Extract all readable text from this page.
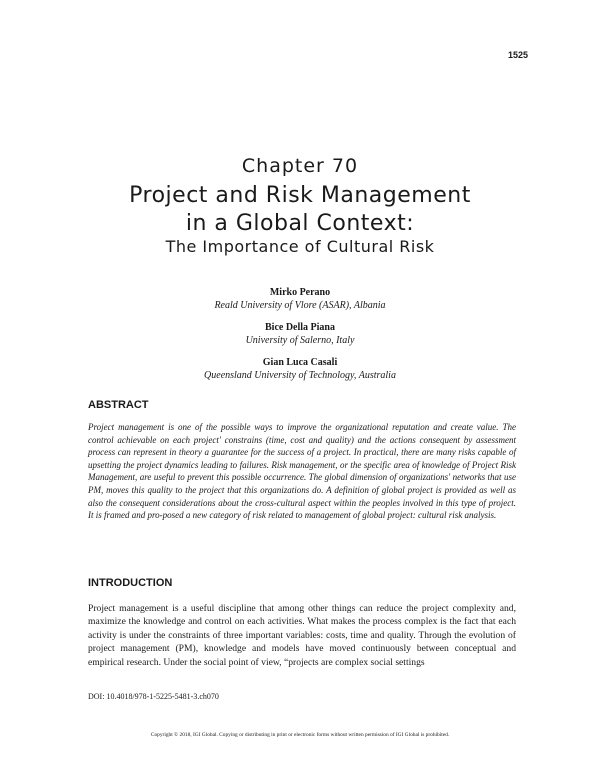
1525
Chapter 70
Project and Risk Management
in a Global Context:
The Importance of Cultural Risk
Mirko Perano
Reald University of Vlore (ASAR), Albania
Bice Della Piana
University of Salerno, Italy
Gian Luca Casali
Queensland University of Technology, Australia
ABSTRACT
Project management is one of the possible ways to improve the organizational reputation and create value. The control achievable on each project' constrains (time, cost and quality) and the actions consequent by assessment process can represent in theory a guarantee for the success of a project. In practical, there are many risks capable of upsetting the project dynamics leading to failures. Risk management, or the specific area of knowledge of Project Risk Management, are useful to prevent this possible occurrence. The global dimension of organizations' networks that use PM, moves this quality to the project that this organizations do. A definition of global project is provided as well as also the consequent considerations about the cross-cultural aspect within the peoples involved in this type of project. It is framed and pro-posed a new category of risk related to management of global project: cultural risk analysis.
INTRODUCTION
Project management is a useful discipline that among other things can reduce the project complexity and, maximize the knowledge and control on each activities. What makes the process complex is the fact that each activity is under the constraints of three important variables: costs, time and quality. Through the evolution of project management (PM), knowledge and models have moved continuously between conceptual and empirical research. Under the social point of view, “projects are complex social settings
DOI: 10.4018/978-1-5225-5481-3.ch070
Copyright © 2018, IGI Global. Copying or distributing in print or electronic forms without written permission of IGI Global is prohibited.
